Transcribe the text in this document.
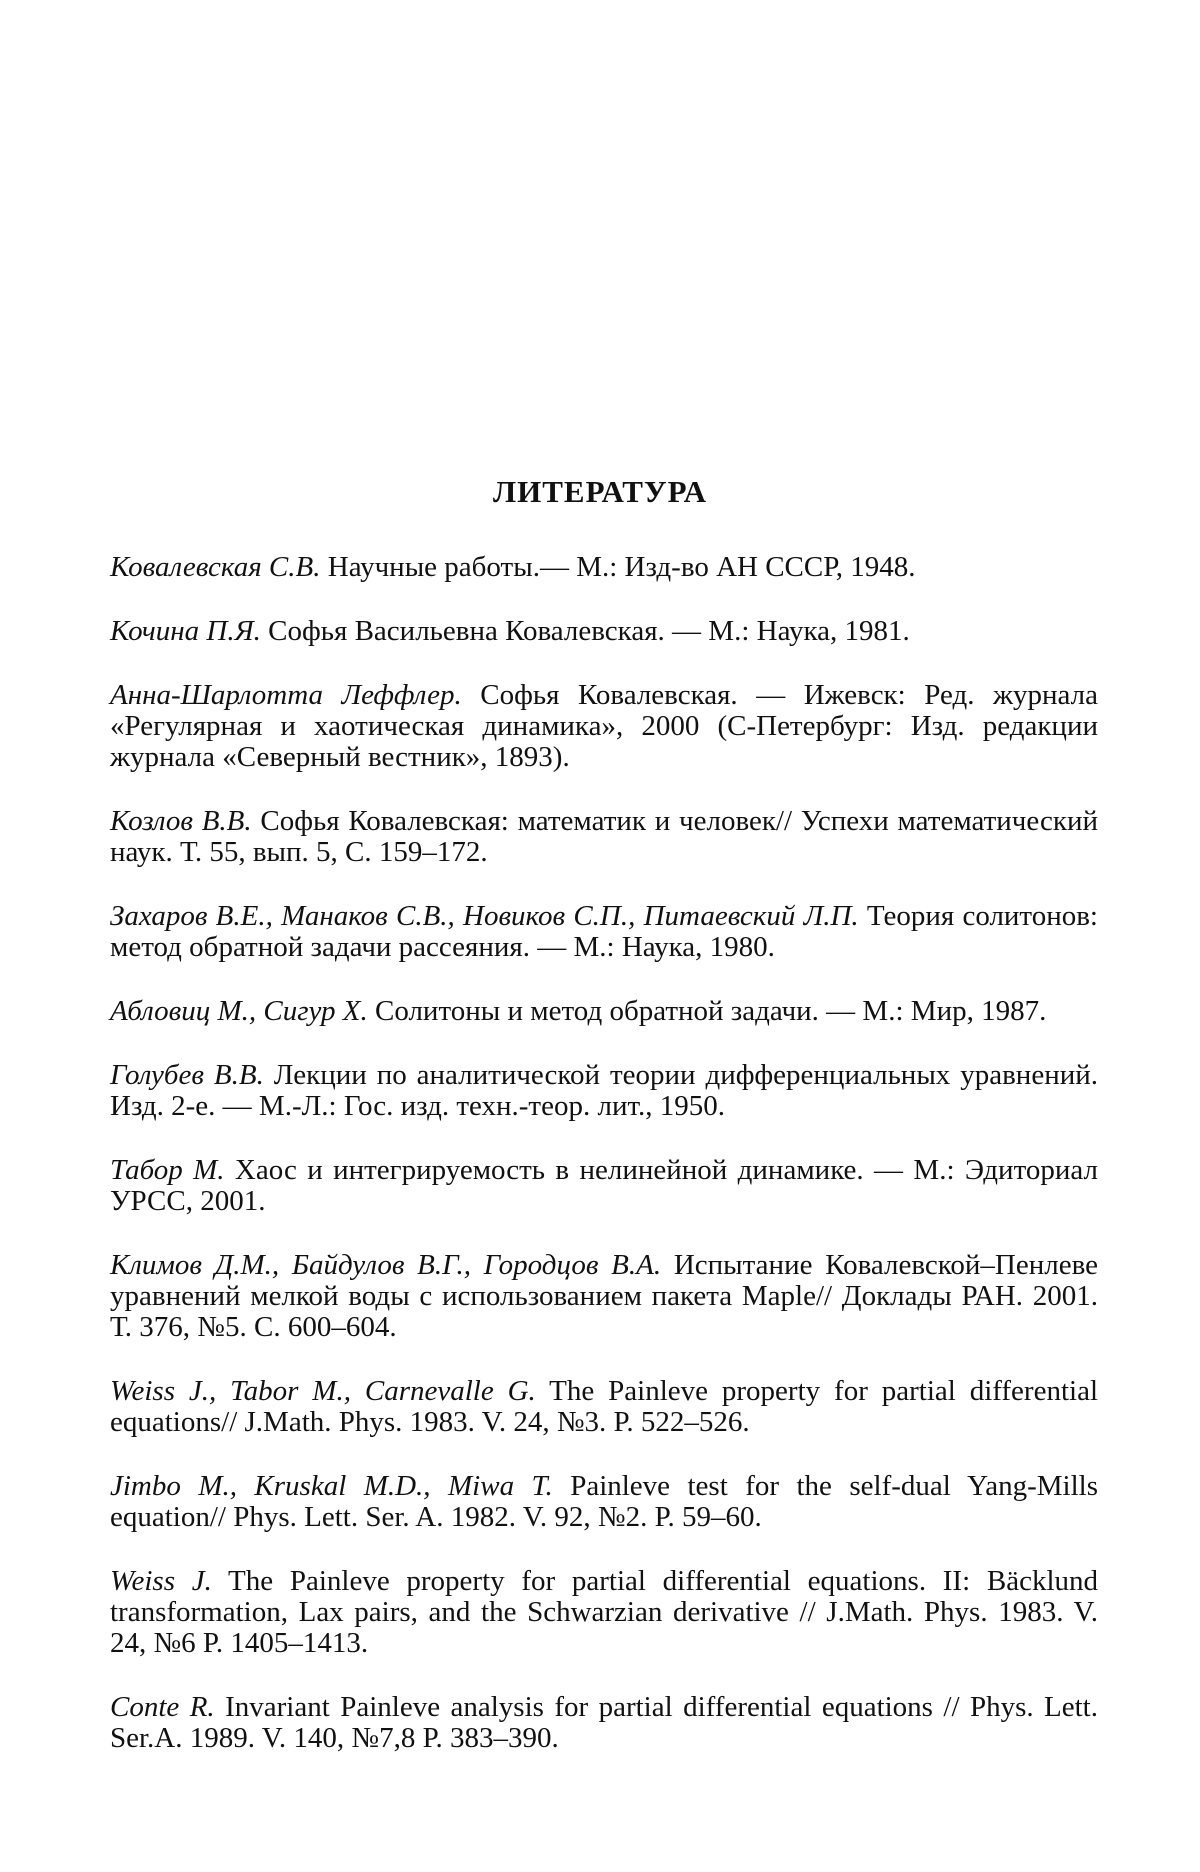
ЛИТЕРАТУРА
Ковалевская С.В. Научные работы.— М.: Изд-во АН СССР, 1948.
Кочина П.Я. Софья Васильевна Ковалевская. — М.: Наука, 1981.
Анна-Шарлотта Леффлер. Софья Ковалевская. — Ижевск: Ред. журнала «Регулярная и хаотическая динамика», 2000 (С-Петербург: Изд. редакции журнала «Северный вестник», 1893).
Козлов В.В. Софья Ковалевская: математик и человек// Успехи математический наук. Т. 55, вып. 5, С. 159–172.
Захаров В.Е., Манаков С.В., Новиков С.П., Питаевский Л.П. Теория солитонов: метод обратной задачи рассеяния. — М.: Наука, 1980.
Абловиц М., Сигур Х. Солитоны и метод обратной задачи. — М.: Мир, 1987.
Голубев В.В. Лекции по аналитической теории дифференциальных уравнений. Изд. 2-е. — М.-Л.: Гос. изд. техн.-теор. лит., 1950.
Табор М. Хаос и интегрируемость в нелинейной динамике. — М.: Эдиториал УРСС, 2001.
Климов Д.М., Байдулов В.Г., Городцов В.А. Испытание Ковалевской–Пенлеве уравнений мелкой воды с использованием пакета Maple// Доклады РАН. 2001. Т. 376, №5. С. 600–604.
Weiss J., Tabor M., Carnevalle G. The Painleve property for partial differential equations// J.Math. Phys. 1983. V. 24, №3. P. 522–526.
Jimbo M., Kruskal M.D., Miwa T. Painleve test for the self-dual Yang-Mills equation// Phys. Lett. Ser. A. 1982. V. 92, №2. P. 59–60.
Weiss J. The Painleve property for partial differential equations. II: Bäcklund transformation, Lax pairs, and the Schwarzian derivative // J.Math. Phys. 1983. V. 24, №6 P. 1405–1413.
Conte R. Invariant Painleve analysis for partial differential equations // Phys. Lett. Ser.A. 1989. V. 140, №7,8 P. 383–390.
